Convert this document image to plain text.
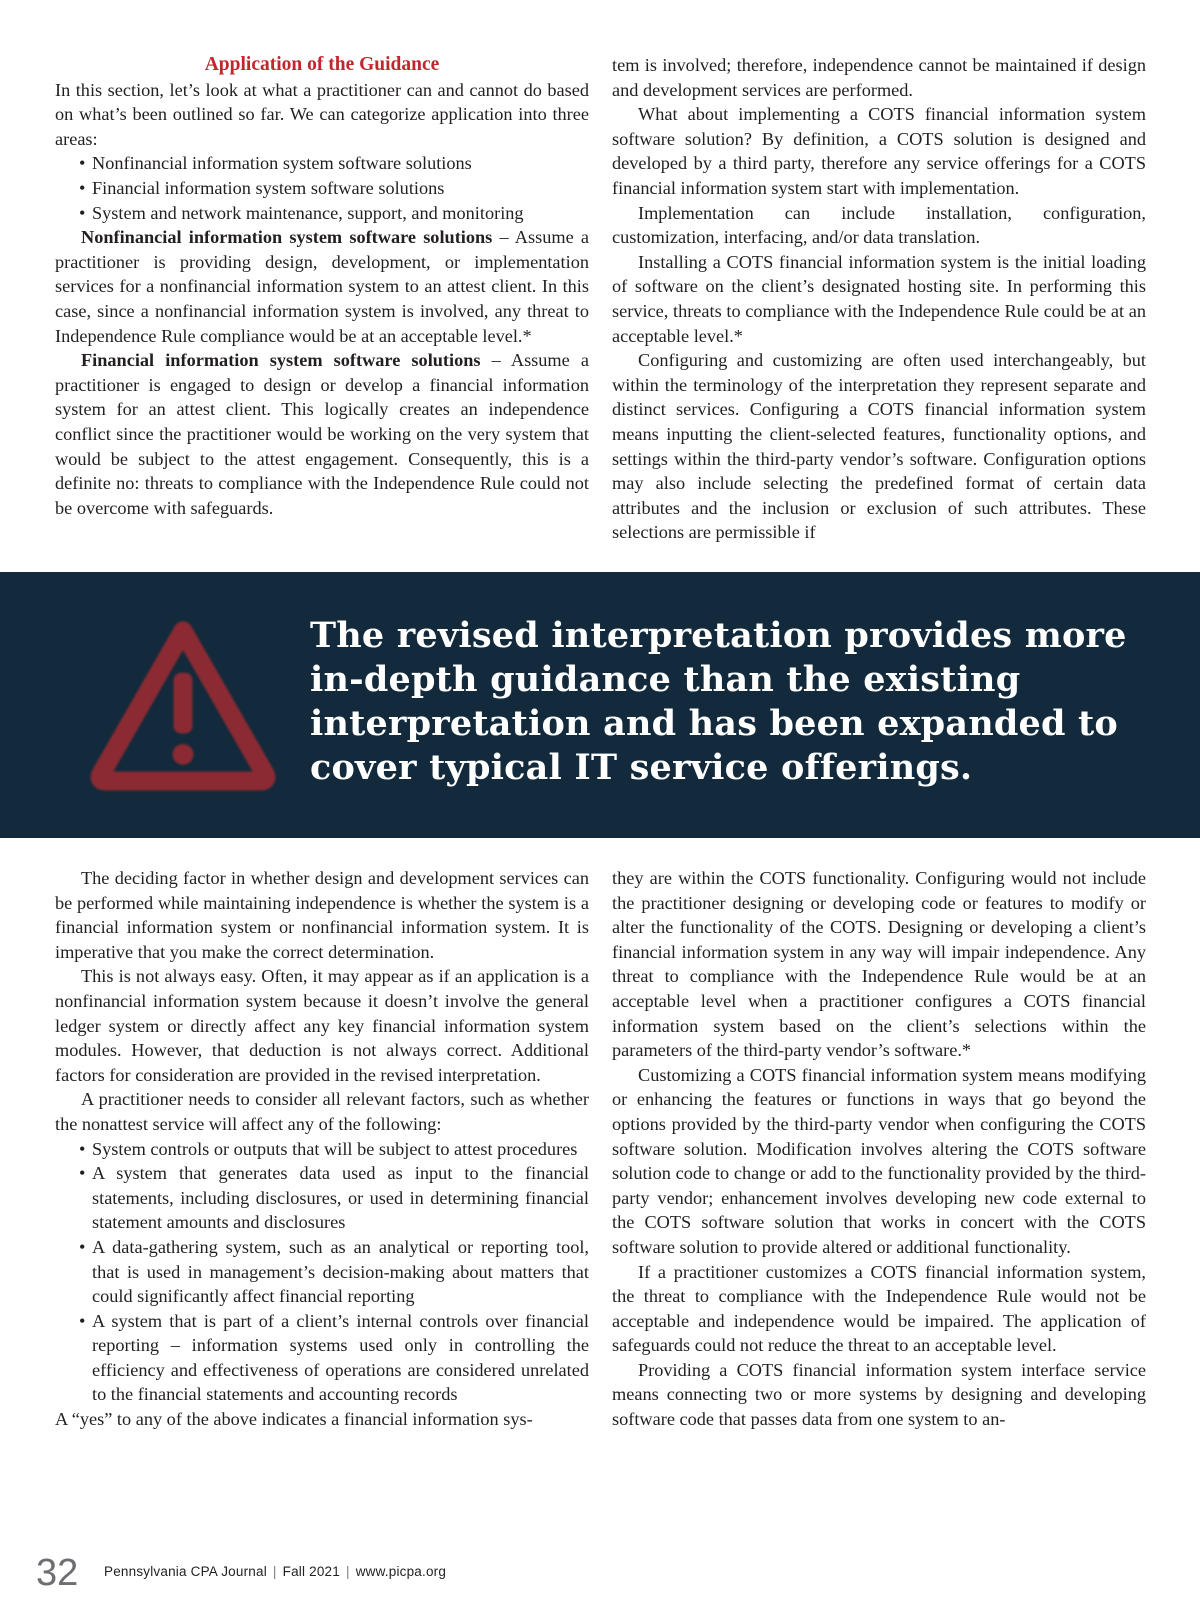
Application of the Guidance

In this section, let’s look at what a practitioner can and cannot do based on what’s been outlined so far. We can categorize application into three areas:

• Nonfinancial information system software solutions
• Financial information system software solutions
• System and network maintenance, support, and monitoring

Nonfinancial information system software solutions – Assume a practitioner is providing design, development, or implementation services for a nonfinancial information system to an attest client. In this case, since a nonfinancial information system is involved, any threat to Independence Rule compliance would be at an acceptable level.*

Financial information system software solutions – Assume a practitioner is engaged to design or develop a financial information system for an attest client. This logically creates an independence conflict since the practitioner would be working on the very system that would be subject to the attest engagement. Consequently, this is a definite no: threats to compliance with the Independence Rule could not be overcome with safeguards.

tem is involved; therefore, independence cannot be maintained if design and development services are performed.

What about implementing a COTS financial information system software solution? By definition, a COTS solution is designed and developed by a third party, therefore any service offerings for a COTS financial information system start with implementation.

Implementation can include installation, configuration, customization, interfacing, and/or data translation.

Installing a COTS financial information system is the initial loading of software on the client’s designated hosting site. In performing this service, threats to compliance with the Independence Rule could be at an acceptable level.*

Configuring and customizing are often used interchangeably, but within the terminology of the interpretation they represent separate and distinct services. Configuring a COTS financial information system means inputting the client-selected features, functionality options, and settings within the third-party vendor’s software. Configuration options may also include selecting the predefined format of certain data attributes and the inclusion or exclusion of such attributes. These selections are permissible if

The revised interpretation provides more in-depth guidance than the existing interpretation and has been expanded to cover typical IT service offerings.

The deciding factor in whether design and development services can be performed while maintaining independence is whether the system is a financial information system or nonfinancial information system. It is imperative that you make the correct determination.

This is not always easy. Often, it may appear as if an application is a nonfinancial information system because it doesn’t involve the general ledger system or directly affect any key financial information system modules. However, that deduction is not always correct. Additional factors for consideration are provided in the revised interpretation.

A practitioner needs to consider all relevant factors, such as whether the nonattest service will affect any of the following:

• System controls or outputs that will be subject to attest procedures
• A system that generates data used as input to the financial statements, including disclosures, or used in determining financial statement amounts and disclosures
• A data-gathering system, such as an analytical or reporting tool, that is used in management’s decision-making about matters that could significantly affect financial reporting
• A system that is part of a client’s internal controls over financial reporting – information systems used only in controlling the efficiency and effectiveness of operations are considered unrelated to the financial statements and accounting records

A “yes” to any of the above indicates a financial information sys-

they are within the COTS functionality. Configuring would not include the practitioner designing or developing code or features to modify or alter the functionality of the COTS. Designing or developing a client’s financial information system in any way will impair independence. Any threat to compliance with the Independence Rule would be at an acceptable level when a practitioner configures a COTS financial information system based on the client’s selections within the parameters of the third-party vendor’s software.*

Customizing a COTS financial information system means modifying or enhancing the features or functions in ways that go beyond the options provided by the third-party vendor when configuring the COTS software solution. Modification involves altering the COTS software solution code to change or add to the functionality provided by the third-party vendor; enhancement involves developing new code external to the COTS software solution that works in concert with the COTS software solution to provide altered or additional functionality.

If a practitioner customizes a COTS financial information system, the threat to compliance with the Independence Rule would not be acceptable and independence would be impaired. The application of safeguards could not reduce the threat to an acceptable level.

Providing a COTS financial information system interface service means connecting two or more systems by designing and developing software code that passes data from one system to an-

32 Pennsylvania CPA Journal | Fall 2021 | www.picpa.org
